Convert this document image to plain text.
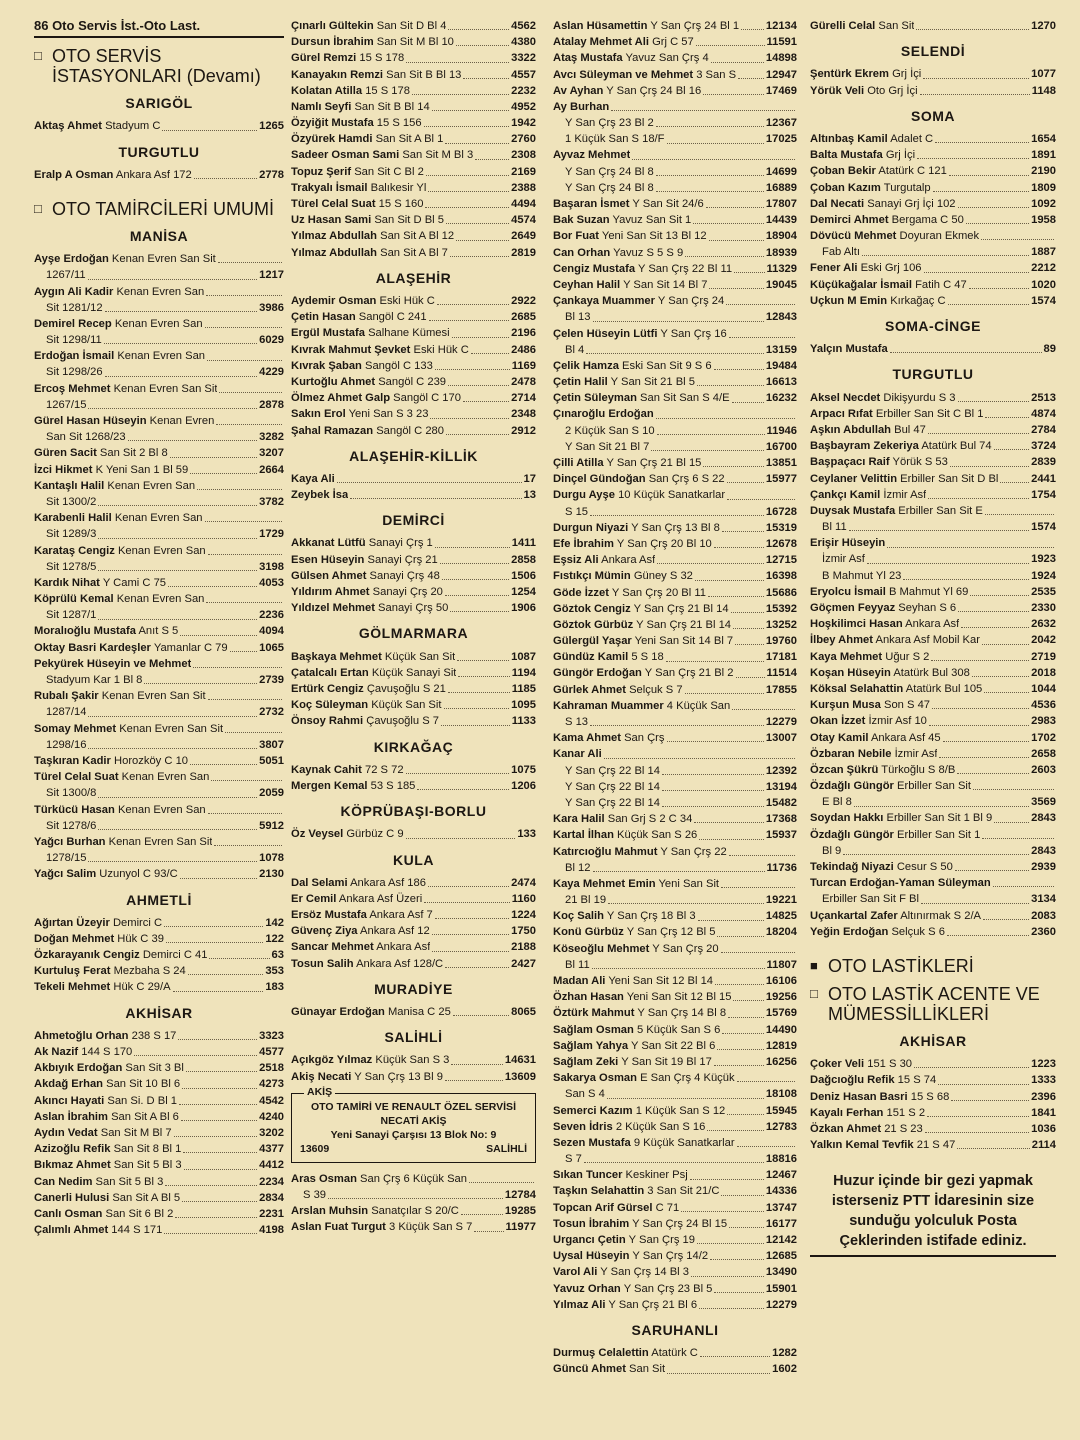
86 Oto Servis İst.-Oto Last.
□ OTO SERVİS İSTASYONLARI (Devamı)
SARIGÖL
Aktaş Ahmet Stadyum C	1265
TURGUTLU
Eralp A Osman Ankara Asf 172	2778
□ OTO TAMİRCİLERİ UMUMİ
MANİSA
Ayşe Erdoğan Kenan Evren San Sit
1267/11	1217
Aygın Ali Kadir Kenan Evren San
Sit 1281/12	3986
Demirel Recep Kenan Evren San
Sit 1298/11	6029
Erdoğan İsmail Kenan Evren San
Sit 1298/26	4229
Ercoş Mehmet Kenan Evren San Sit
1267/15	2878
Gürel Hasan Hüseyin Kenan Evren
San Sit 1268/23	3282
Güren Sacit San Sit 2 Bl 8	3207
İzci Hikmet K Yeni San 1 Bl 59	2664
Kantaşlı Halil Kenan Evren San
Sit 1300/2	3782
Karabenli Halil Kenan Evren San
Sit 1289/3	1729
Karataş Cengiz Kenan Evren San
Sit 1278/5	3198
Kardık Nihat Y Cami C 75	4053
Köprülü Kemal Kenan Evren San
Sit 1287/1	2236
Moralıoğlu Mustafa Anıt S 5	4094
Oktay Basri Kardeşler Yamanlar C 79	1065
Pekyürek Hüseyin ve Mehmet
Stadyum Kar 1 Bl 8	2739
Rubalı Şakir Kenan Evren San Sit
1287/14	2732
Somay Mehmet Kenan Evren San Sit
1298/16	3807
Taşkıran Kadir Horozköy C 10	5051
Türel Celal Suat Kenan Evren San
Sit 1300/8	2059
Türkücü Hasan Kenan Evren San
Sit 1278/6	5912
Yağcı Burhan Kenan Evren San Sit
1278/15	1078
Yağcı Salim Uzunyol C 93/C	2130
AHMETLİ
Ağırtan Üzeyir Demirci C	142
Doğan Mehmet Hük C 39	122
Özkarayanık Cengiz Demirci C 41	63
Kurtuluş Ferat Mezbaha S 24	353
Tekeli Mehmet Hük C 29/A	183
AKHİSAR
Ahmetoğlu Orhan 238 S 17	3323
Ak Nazif 144 S 170	4577
Akbıyık Erdoğan San Sit 3 Bl	2518
Akdağ Erhan San Sit 10 Bl 6	4273
Akıncı Hayati San Si. D Bl 1	4542
Aslan İbrahim San Sit A Bl 6	4240
Aydın Vedat San Sit M Bl 7	3202
Azizoğlu Refik San Sit 8 Bl 1	4377
Bıkmaz Ahmet San Sit 5 Bl 3	4412
Can Nedim San Sit 5 Bl 3	2234
Canerli Hulusi San Sit A Bl 5	2834
Canlı Osman San Sit 6 Bl 2	2231
Çalımlı Ahmet 144 S 171	4198
Çınarlı Gültekin San Sit D Bl 4	4562
Dursun İbrahim San Sit M Bl 10	4380
Gürel Remzi 15 S 178	3322
Kanayakın Remzi San Sit B Bl 13	4557
Kolatan Atilla 15 S 178	2232
Namlı Seyfi San Sit B Bl 14	4952
Özyiğit Mustafa 15 S 156	1942
Özyürek Hamdi San Sit A Bl 1	2760
Sadeer Osman Sami San Sit M Bl 3	2308
Topuz Şerif San Sit C Bl 2	2169
Trakyalı İsmail Balıkesir Yl	2388
Türel Celal Suat 15 S 160	4494
Uz Hasan Sami San Sit D Bl 5	4574
Yılmaz Abdullah San Sit A Bl 12	2649
Yılmaz Abdullah San Sit A Bl 7	2819
ALAŞEHİR
Aydemir Osman Eski Hük C	2922
Çetin Hasan Sangöl C 241	2685
Ergül Mustafa Salhane Kümesi	2196
Kıvrak Mahmut Şevket Eski Hük C	2486
Kıvrak Şaban Sangöl C 133	1169
Kurtoğlu Ahmet Sangöl C 239	2478
Ölmez Ahmet Galp Sangöl C 170	2714
Sakın Erol Yeni San S 3 23	2348
Şahal Ramazan Sangöl C 280	2912
ALAŞEHİR-KİLLİK
Kaya Ali	17
Zeybek İsa	13
DEMİRCİ
Akkanat Lütfü Sanayi Çrş 1	1411
Esen Hüseyin Sanayi Çrş 21	2858
Gülsen Ahmet Sanayi Çrş 48	1506
Yıldırım Ahmet Sanayi Çrş 20	1254
Yıldızel Mehmet Sanayi Çrş 50	1906
GÖLMARMARA
Başkaya Mehmet Küçük San Sit	1087
Çatalcalı Ertan Küçük Sanayi Sit	1194
Ertürk Cengiz Çavuşoğlu S 21	1185
Koç Süleyman Küçük San Sit	1095
Önsoy Rahmi Çavuşoğlu S 7	1133
KIRKAĞAÇ
Kaynak Cahit 72 S 72	1075
Mergen Kemal 53 S 185	1206
KÖPRÜBAŞI-BORLU
Öz Veysel Gürbüz C 9	133
KULA
Dal Selami Ankara Asf 186	2474
Er Cemil Ankara Asf Üzeri	1160
Ersöz Mustafa Ankara Asf 7	1224
Güvenç Ziya Ankara Asf 12	1750
Sancar Mehmet Ankara Asf	2188
Tosun Salih Ankara Asf 128/C	2427
MURADİYE
Günayar Erdoğan Manisa C 25	8065
SALİHLİ
Açıkgöz Yılmaz Küçük San S 3	14631
Akiş Necati Y San Çrş 13 Bl 9	13609
AKİŞ
OTO TAMİRİ VE RENAULT ÖZEL SERVİSİ
NECATİ AKİŞ
Yeni Sanayi Çarşısı 13 Blok No: 9
13609	SALİHLİ
Aras Osman San Çrş 6 Küçük San
S 39	12784
Arslan Muhsin Sanatçılar S 20/C	19285
Aslan Fuat Turgut 3 Küçük San S 7	11977
Aslan Hüsamettin Y San Çrş 24 Bl 1 12134
Atalay Mehmet Ali Grj C 57	11591
Ataş Mustafa Yavuz San Çrş 4	14898
Avcı Süleyman ve Mehmet 3 San S	12947
Av Ayhan Y San Çrş 24 Bl 16	17469
Ay Burhan
Y San Çrş 23 Bl 2	12367
1 Küçük San S 18/F	17025
Ayvaz Mehmet
Y San Çrş 24 Bl 8	14699
Y San Çrş 24 Bl 8	16889
Başaran İsmet Y San Sit 24/6	17807
Bak Suzan Yavuz San Sit 1	14439
Bor Fuat Yeni San Sit 13 Bl 12	18904
Can Orhan Yavuz S 5 S 9	18939
Cengiz Mustafa Y San Çrş 22 Bl 11	11329
Ceyhan Halil Y San Sit 14 Bl 7	19045
Çankaya Muammer Y San Çrş 24
Bl 13	12843
Çelen Hüseyin Lütfi Y San Çrş 16
Bl 4	13159
Çelik Hamza Eski San Sit 9 S 6	19484
Çetin Halil Y San Sit 21 Bl 5	16613
Çetin Süleyman San Sit San S 4/E	16232
Çınaroğlu Erdoğan
2 Küçük San S 10	11946
Y San Sit 21 Bl 7	16700
Çilli Atilla Y San Çrş 21 Bl 15	13851
Dinçel Gündoğan San Çrş 6 S 22	15977
Durgu Ayşe 10 Küçük Sanatkarlar
S 15	16728
Durgun Niyazi Y San Çrş 13 Bl 8	15319
Efe İbrahim Y San Çrş 20 Bl 10	12678
Eşsiz Ali Ankara Asf	12715
Fıstıkçı Mümin Güney S 32	16398
Göde İzzet Y San Çrş 20 Bl 11	15686
Göztok Cengiz Y San Çrş 21 Bl 14	15392
Göztok Gürbüz Y San Çrş 21 Bl 14	13252
Gülergül Yaşar Yeni San Sit 14 Bl 7	19760
Gündüz Kamil 5 S 18	17181
Güngör Erdoğan Y San Çrş 21 Bl 2	11514
Gürlek Ahmet Selçuk S 7	17855
Kahraman Muammer 4 Küçük San
S 13	12279
Kama Ahmet San Çrş	13007
Kanar Ali
Y San Çrş 22 Bl 14	12392
Y San Çrş 22 Bl 14	13194
Y San Çrş 22 Bl 14	15482
Kara Halil San Grj S 2 C 34	17368
Kartal İlhan Küçük San S 26	15937
Katırcıoğlu Mahmut Y San Çrş 22
Bl 12	11736
Kaya Mehmet Emin Yeni San Sit
21 Bl 19	19221
Koç Salih Y San Çrş 18 Bl 3	14825
Konü Gürbüz Y San Çrş 12 Bl 5	18204
Köseoğlu Mehmet Y San Çrş 20
Bl 11	11807
Madan Ali Yeni San Sit 12 Bl 14	16106
Özhan Hasan Yeni San Sit 12 Bl 15	19256
Öztürk Mahmut Y San Çrş 14 Bl 8	15769
Sağlam Osman 5 Küçük San S 6	14490
Sağlam Yahya Y San Sit 22 Bl 6	12819
Sağlam Zeki Y San Sit 19 Bl 17	16256
Sakarya Osman E San Çrş 4 Küçük
San S 4	18108
Semerci Kazım 1 Küçük San S 12	15945
Seven İdris 2 Küçük San S 16	12783
Sezen Mustafa 9 Küçük Sanatkarlar
S 7	18816
Sıkan Tuncer Keskiner Psj	12467
Taşkın Selahattin 3 San Sit 21/C	14336
Topcan Arif Gürsel C 71	13747
Tosun İbrahim Y San Çrş 24 Bl 15	16177
Urgancı Çetin Y San Çrş 19	12142
Uysal Hüseyin Y San Çrş 14/2	12685
Varol Ali Y San Çrş 14 Bl 3	13490
Yavuz Orhan Y San Çrş 23 Bl 5	15901
Yılmaz Ali Y San Çrş 21 Bl 6	12279
SARUHANLI
Durmuş Celalettin Atatürk C	1282
Güncü Ahmet San Sit	1602
Gürelli Celal San Sit	1270
SELENDİ
Şentürk Ekrem Grj İçi	1077
Yörük Veli Oto Grj İçi	1148
SOMA
Altınbaş Kamil Adalet C	1654
Balta Mustafa Grj İçi	1891
Çoban Bekir Atatürk C 121	2190
Çoban Kazım Turgutalp	1809
Dal Necati Sanayi Grj İçi 102	1092
Demirci Ahmet Bergama C 50	1958
Dövücü Mehmet Doyuran Ekmek
Fab Altı	1887
Fener Ali Eski Grj 106	2212
Küçükağalar İsmail Fatih C 47	1020
Uçkun M Emin Kırkağaç C	1574
SOMA-CİNGE
Yalçın Mustafa	89
TURGUTLU
Aksel Necdet Dikişyurdu S 3	2513
Arpacı Rıfat Erbiller San Sit C Bl 1	4874
Aşkın Abdullah Bul 47	2784
Başbayram Zekeriya Atatürk Bul 74	3724
Başpaçacı Raif Yörük S 53	2839
Ceylaner Velittin Erbiller San Sit D Bl	2441
Çankçı Kamil İzmir Asf	1754
Duysak Mustafa Erbiller San Sit E
Bl 11	1574
Erişir Hüseyin
İzmir Asf	1923
B Mahmut Yl 23	1924
Eryolcu İsmail B Mahmut Yl 69	2535
Göçmen Feyyaz Seyhan S 6	2330
Hoşkilimci Hasan Ankara Asf	2632
İlbey Ahmet Ankara Asf Mobil Kar	2042
Kaya Mehmet Uğur S 2	2719
Koşan Hüseyin Atatürk Bul 308	2018
Köksal Selahattin Atatürk Bul 105	1044
Kurşun Musa Son S 47	4536
Okan İzzet İzmir Asf 10	2983
Otay Kamil Ankara Asf 45	1702
Özbaran Nebile İzmir Asf	2658
Özcan Şükrü Türkoğlu S 8/B	2603
Özdağlı Güngör Erbiller San Sit
E Bl 8	3569
Soydan Hakkı Erbiller San Sit 1 Bl 9	2843
Özdağlı Güngör Erbiller San Sit 1
Bl 9	2843
Tekindağ Niyazi Cesur S 50	2939
Turcan Erdoğan-Yaman Süleyman
Erbiller San Sit F Bl	3134
Uçankartal Zafer Altınırmak S 2/A	2083
Yeğin Erdoğan Selçuk S 6	2360
■ OTO LASTİKLERİ
□ OTO LASTİK ACENTE VE MÜMESSİLLİKLERİ
AKHİSAR
Çoker Veli 151 S 30	1223
Dağcıoğlu Refik 15 S 74	1333
Deniz Hasan Basri 15 S 68	2396
Kayalı Ferhan 151 S 2	1841
Özkan Ahmet 21 S 23	1036
Yalkın Kemal Tevfik 21 S 47	2114
Huzur içinde bir gezi yapmak isterseniz PTT İdaresinin size sunduğu yolculuk Posta Çeklerinden istifade ediniz.
